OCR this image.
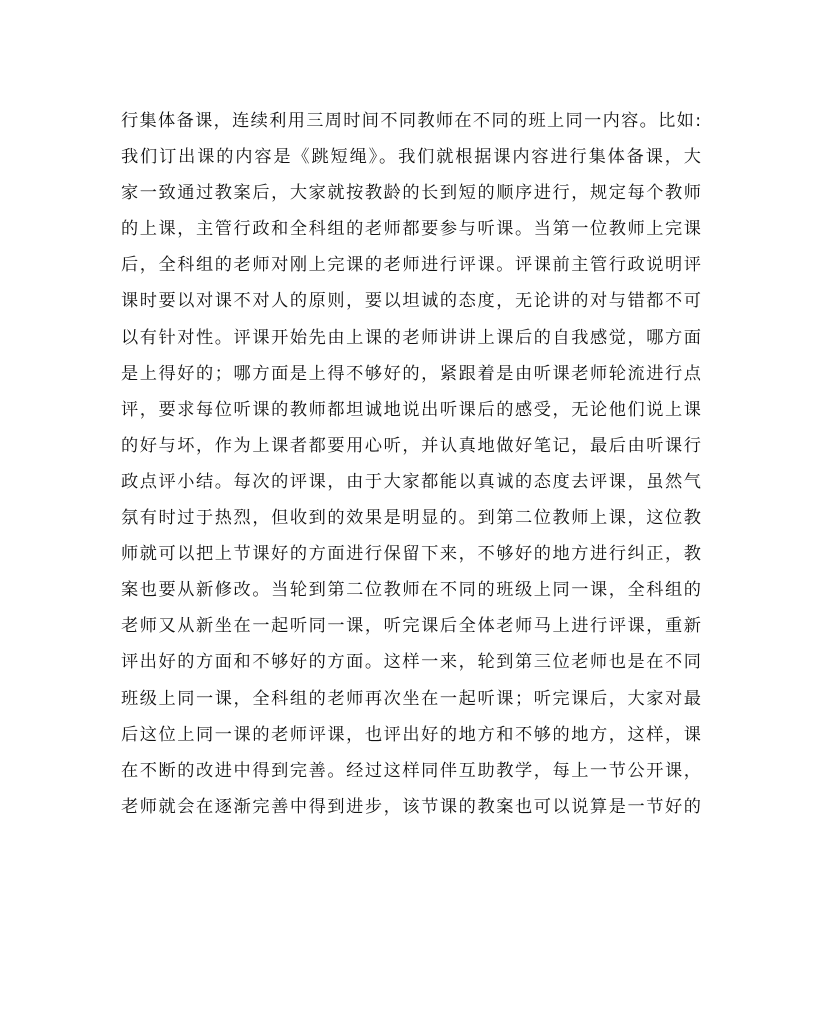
行集体备课，连续利用三周时间不同教师在不同的班上同一内容。比如:
我们订出课的内容是《跳短绳》。我们就根据课内容进行集体备课，大
家一致通过教案后，大家就按教龄的长到短的顺序进行，规定每个教师
的上课，主管行政和全科组的老师都要参与听课。当第一位教师上完课
后，全科组的老师对刚上完课的老师进行评课。评课前主管行政说明评
课时要以对课不对人的原则，要以坦诚的态度，无论讲的对与错都不可
以有针对性。评课开始先由上课的老师讲讲上课后的自我感觉，哪方面
是上得好的；哪方面是上得不够好的，紧跟着是由听课老师轮流进行点
评，要求每位听课的教师都坦诚地说出听课后的感受，无论他们说上课
的好与坏，作为上课者都要用心听，并认真地做好笔记，最后由听课行
政点评小结。每次的评课，由于大家都能以真诚的态度去评课，虽然气
氛有时过于热烈，但收到的效果是明显的。到第二位教师上课，这位教
师就可以把上节课好的方面进行保留下来，不够好的地方进行纠正，教
案也要从新修改。当轮到第二位教师在不同的班级上同一课，全科组的
老师又从新坐在一起听同一课，听完课后全体老师马上进行评课，重新
评出好的方面和不够好的方面。这样一来，轮到第三位老师也是在不同
班级上同一课，全科组的老师再次坐在一起听课；听完课后，大家对最
后这位上同一课的老师评课，也评出好的地方和不够的地方，这样，课
在不断的改进中得到完善。经过这样同伴互助教学，每上一节公开课，
老师就会在逐渐完善中得到进步，该节课的教案也可以说算是一节好的
